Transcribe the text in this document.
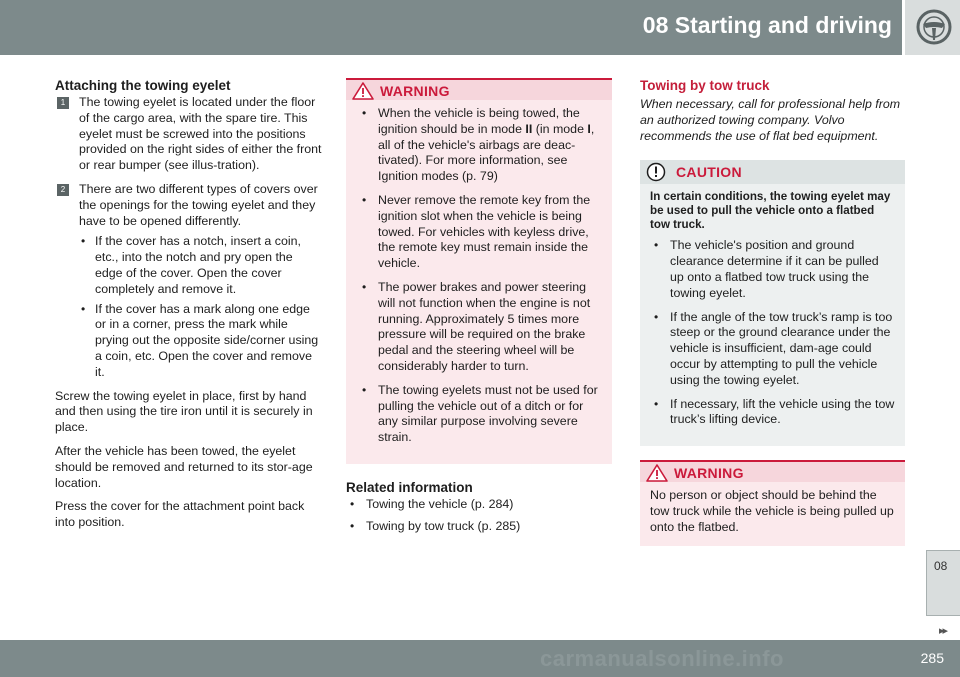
08 Starting and driving
Attaching the towing eyelet
1	The towing eyelet is located under the floor of the cargo area, with the spare tire. This eyelet must be screwed into the positions provided on the right sides of either the front or rear bumper (see illus-tration).

2	There are two different types of covers over the openings for the towing eyelet and they have to be opened differently.

• If the cover has a notch, insert a coin, etc., into the notch and pry open the edge of the cover. Open the cover completely and remove it.
• If the cover has a mark along one edge or in a corner, press the mark while prying out the opposite side/corner using a coin, etc. Open the cover and remove it.

Screw the towing eyelet in place, first by hand and then using the tire iron until it is securely in place.

After the vehicle has been towed, the eyelet should be removed and returned to its stor-age location.

Press the cover for the attachment point back into position.

WARNING
• When the vehicle is being towed, the ignition should be in mode II (in mode I, all of the vehicle's airbags are deac-tivated). For more information, see Ignition modes (p. 79)
• Never remove the remote key from the ignition slot when the vehicle is being towed. For vehicles with keyless drive, the remote key must remain inside the vehicle.
• The power brakes and power steering will not function when the engine is not running. Approximately 5 times more pressure will be required on the brake pedal and the steering wheel will be considerably harder to turn.
• The towing eyelets must not be used for pulling the vehicle out of a ditch or for any similar purpose involving severe strain.
Related information
• Towing the vehicle (p. 284)
• Towing by tow truck (p. 285)
Towing by tow truck

When necessary, call for professional help from an authorized towing company. Volvo recommends the use of flat bed equipment.

CAUTION

In certain conditions, the towing eyelet may be used to pull the vehicle onto a flatbed tow truck.

• The vehicle's position and ground clearance determine if it can be pulled up onto a flatbed tow truck using the towing eyelet.
• If the angle of the tow truck’s ramp is too steep or the ground clearance under the vehicle is insufficient, dam-age could occur by attempting to pull the vehicle using the towing eyelet.
• If necessary, lift the vehicle using the tow truck’s lifting device.
WARNING

No person or object should be behind the tow truck while the vehicle is being pulled up onto the flatbed.

08
▸▸
carmanualsonline.info	285
